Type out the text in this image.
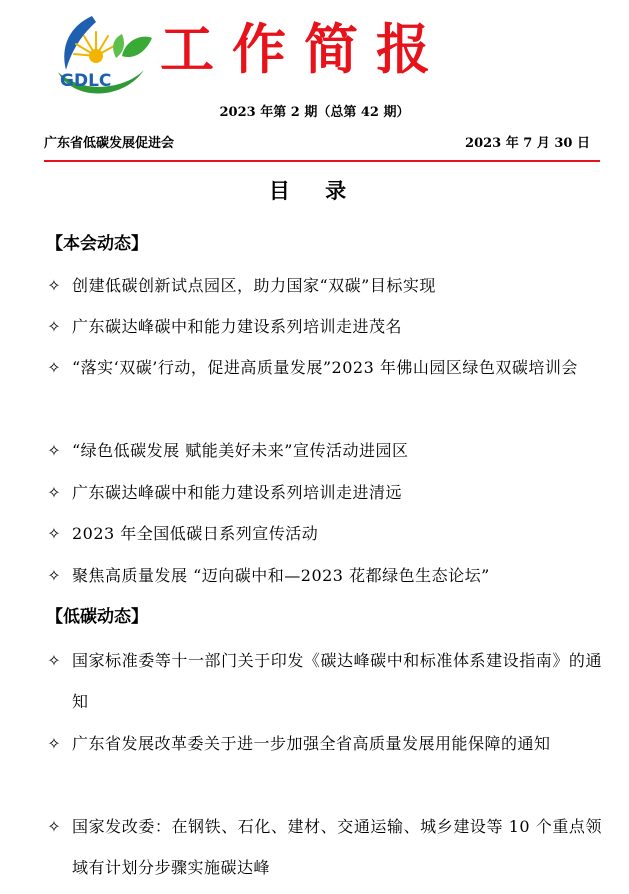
GDLC 工作简报
2023 年第 2 期（总第 42 期）
广东省低碳发展促进会	2023 年 7 月 30 日
目 录
【本会动态】
✧ 创建低碳创新试点园区，助力国家“双碳”目标实现
✧ 广东碳达峰碳中和能力建设系列培训走进茂名
✧ “落实‘双碳’行动，促进高质量发展”2023 年佛山园区绿色双碳培训会
✧ “绿色低碳发展 赋能美好未来”宣传活动进园区
✧ 广东碳达峰碳中和能力建设系列培训走进清远
✧ 2023 年全国低碳日系列宣传活动
✧ 聚焦高质量发展 “迈向碳中和—2023 花都绿色生态论坛”
【低碳动态】
✧ 国家标准委等十一部门关于印发《碳达峰碳中和标准体系建设指南》的通知
✧ 广东省发展改革委关于进一步加强全省高质量发展用能保障的通知
✧ 国家发改委：在钢铁、石化、建材、交通运输、城乡建设等 10 个重点领域有计划分步骤实施碳达峰
